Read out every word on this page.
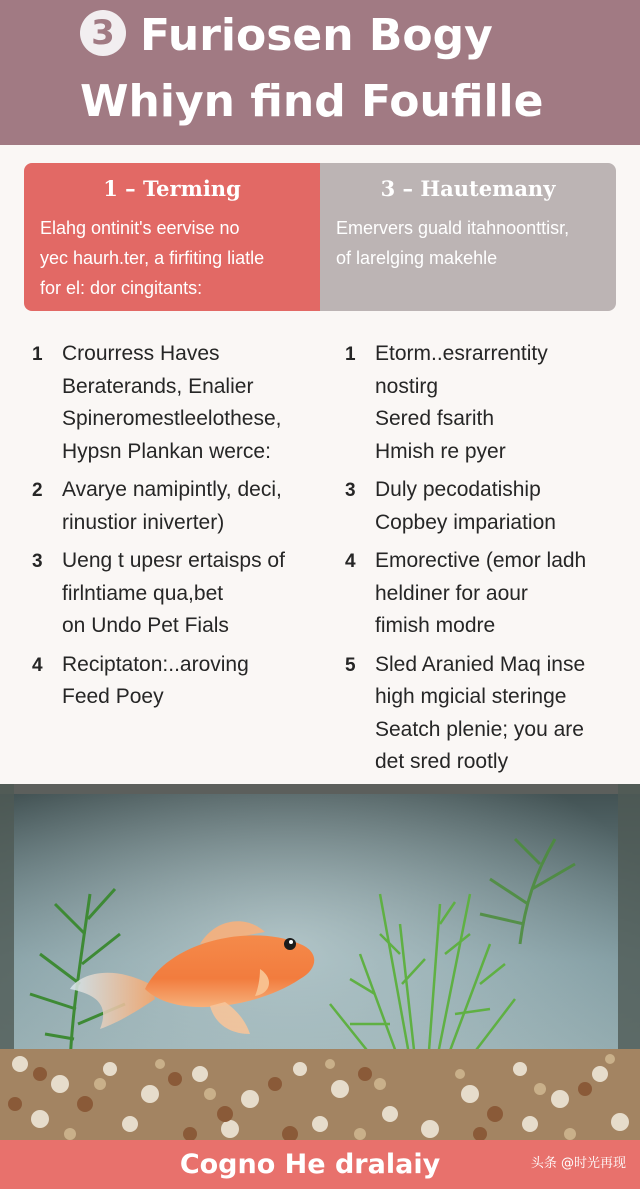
3 Furiosen Bogy
Whiyn find Foufille
1 – Terming
Elahg ontinit's eervise no
yec haurh.ter, a firfiting liatle
for el: dor cingitants:
3 – Hautemany
Emervers guald itahnoonttisr,
of larelging makehle
1 Crourress Haves
Beraterands, Enalier
Spineromestleelothese,
Hypsn Plankan werce:
2 Avarye namipintly, deci,
rinustior iniverter)
3 Ueng t upesr ertaisps of
firlntiame qua,bet
on Undo Pet Fials
4 Reciptaton:..aroving
Feed Poey
1 Etorm..esrarrentity
nostirg
Sered fsarith
Hmish re pyer
3 Duly pecodatiship
Copbey impariation
4 Emorective (emor ladh
heldiner for aour
fimish modre
5 Sled Aranied Maq inse
high mgicial steringe
Seatch plenie; you are
det sred rootly
Cogno He dralaiy	头条 @时光再现
